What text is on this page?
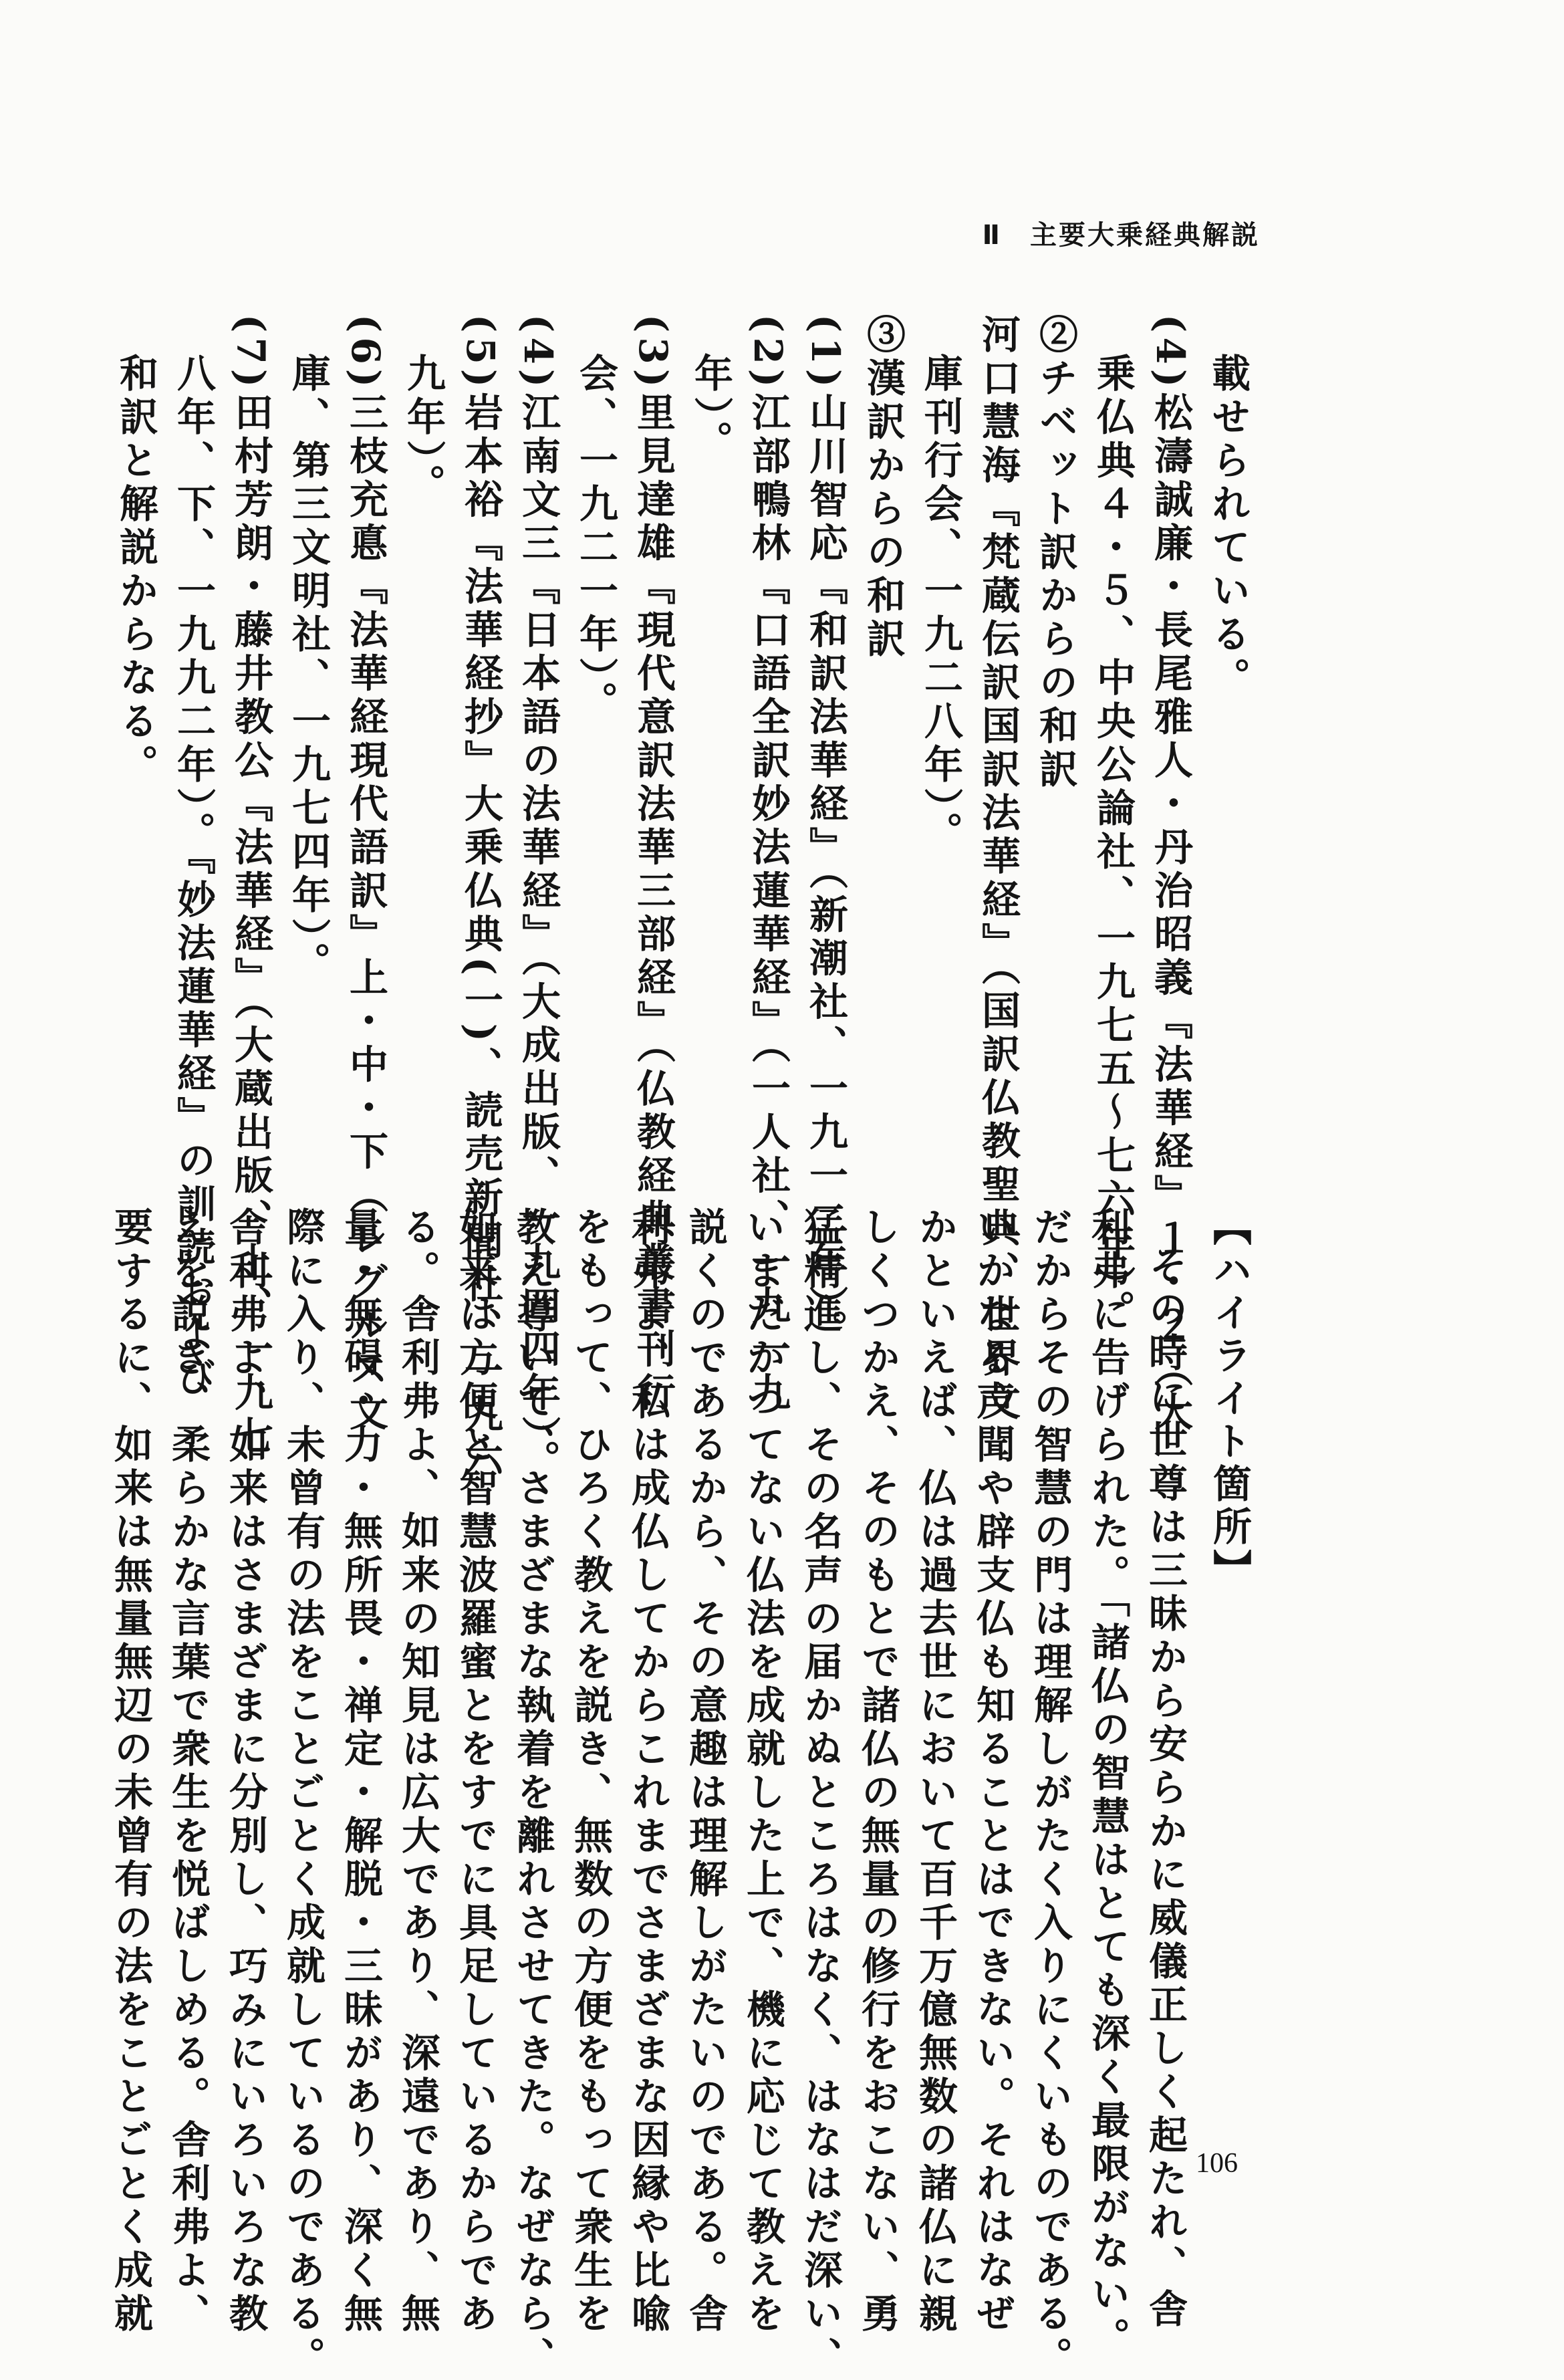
Ⅱ 主要大乗経典解説
載せられている。
(4)松濤誠廉・長尾雅人・丹治昭義『法華経』１・２（大
乗仏典４・５、中央公論社、一九七五～七六年）。
②チベット訳からの和訳
河口慧海『梵蔵伝訳国訳法華経』（国訳仏教聖典、世界文
庫刊行会、一九二八年）。
③漢訳からの和訳
(1)山川智応『和訳法華経』（新潮社、一九一二年）。
(2)江部鴨林『口語全訳妙法蓮華経』（一人社、一九一九
年）。
(3)里見達雄『現代意訳法華三部経』（仏教経典叢書刊行
会、一九二一年）。
(4)江南文三『日本語の法華経』（大成出版、一九四四年）。
(5)岩本裕『法華経抄』大乗仏典(一)、読売新聞社、一九六
九年）。
(6)三枝充悳『法華経現代語訳』上・中・下（レグルス文
庫、第三文明社、一九七四年）。
(7)田村芳朗・藤井教公『法華経』（大蔵出版、上、一九七
八年、下、一九九二年）。『妙法蓮華経』の訓読および
和訳と解説からなる。
【ハイライト箇所】
その時に世尊は三昧から安らかに威儀正しく起たれ、舎
利弗に告げられた。「諸仏の智慧はとても深く最限がない。
だからその智慧の門は理解しがたく入りにくいものである。
いかなる声聞や辟支仏も知ることはできない。それはなぜ
かといえば、仏は過去世において百千万億無数の諸仏に親
しくつかえ、そのもとで諸仏の無量の修行をおこない、勇
猛精進し、その名声の届かぬところはなく、はなはだ深い、
いまだかつてない仏法を成就した上で、機に応じて教えを
説くのであるから、その意趣は理解しがたいのである。舎
利弗よ、私は成仏してからこれまでさまざまな因縁や比喩
をもって、ひろく教えを説き、無数の方便をもって衆生を
教え導いて、さまざまな執着を離れさせてきた。なぜなら、
如来は方便と智慧波羅蜜とをすでに具足しているからであ
る。舎利弗よ、如来の知見は広大であり、深遠であり、無
量・無碍・力・無所畏・禅定・解脱・三昧があり、深く無
際に入り、未曾有の法をことごとく成就しているのである。
舎利弗よ、如来はさまざまに分別し、巧みにいろいろな教
えを説き、柔らかな言葉で衆生を悦ばしめる。舎利弗よ、
要するに、如来は無量無辺の未曾有の法をことごとく成就	106
